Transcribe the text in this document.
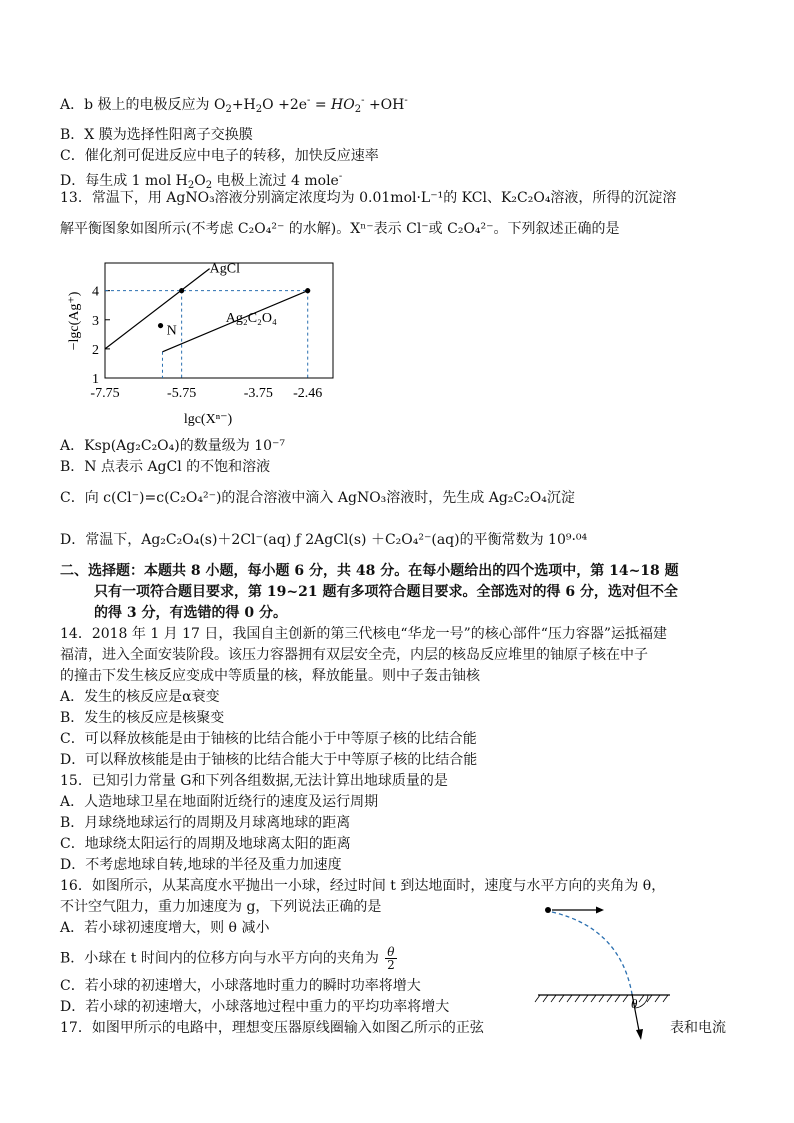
A．b 极上的电极反应为 $O_2+H_2O +2e^- = HO_2^- +OH^-$
B．X 膜为选择性阳离子交换膜
C．催化剂可促进反应中电子的转移，加快反应速率
D．每生成 1 mol $H_2O_2$ 电极上流过 4 mole-
13．常温下，用 AgNO₃溶液分别滴定浓度均为 0.01mol·L⁻¹的 KCl、K₂C₂O₄溶液，所得的沉淀溶
解平衡图象如图所示(不考虑 C₂O₄²⁻ 的水解)。Xⁿ⁻表示 Cl⁻或 C₂O₄²⁻。下列叙述正确的是
1
2
3
4
-7.75	-5.75	-3.75 -2.46
N
AgCl
Ag₂C₂O₄
−lgc(Ag⁺)
lgc(Xⁿ⁻)
A．Ksp(Ag₂C₂O₄)的数量级为 10⁻⁷
B．N 点表示 AgCl 的不饱和溶液
C．向 c(Cl⁻)=c(C₂O₄²⁻)的混合溶液中滴入 AgNO₃溶液时，先生成 Ag₂C₂O₄沉淀
D．常温下，Ag₂C₂O₄(s)＋2Cl⁻(aq) ƒ 2AgCl(s) ＋C₂O₄²⁻(aq)的平衡常数为 10⁹·⁰⁴
二、选择题：本题共 8 小题，每小题 6 分，共 48 分。在每小题给出的四个选项中，第 14~18 题
只有一项符合题目要求，第 19~21 题有多项符合题目要求。全部选对的得 6 分，选对但不全
的得 3 分，有选错的得 0 分。
14．2018 年 1 月 17 日，我国自主创新的第三代核电“华龙一号”的核心部件“压力容器”运抵福建
福清，进入全面安装阶段。该压力容器拥有双层安全壳，内层的核岛反应堆里的铀原子核在中子
的撞击下发生核反应变成中等质量的核，释放能量。则中子轰击铀核
A．发生的核反应是α衰变
B．发生的核反应是核聚变
C．可以释放核能是由于铀核的比结合能小于中等原子核的比结合能
D．可以释放核能是由于铀核的比结合能大于中等原子核的比结合能
15．已知引力常量 G和下列各组数据,无法计算出地球质量的是
A．人造地球卫星在地面附近绕行的速度及运行周期
B．月球绕地球运行的周期及月球离地球的距离
C．地球绕太阳运行的周期及地球离太阳的距离
D．不考虑地球自转,地球的半径及重力加速度
16．如图所示，从某高度水平抛出一小球，经过时间 t 到达地面时，速度与水平方向的夹角为 θ，
不计空气阻力，重力加速度为 g，下列说法正确的是
A．若小球初速度增大，则 θ 减小
B．小球在 t 时间内的位移方向与水平方向的夹角为 $\frac{\theta}{2}$
C．若小球的初速增大，小球落地时重力的瞬时功率将增大
D．若小球的初速增大，小球落地过程中重力的平均功率将增大	θ
17．如图甲所示的电路中，理想变压器原线圈输入如图乙所示的正弦	表和电流
